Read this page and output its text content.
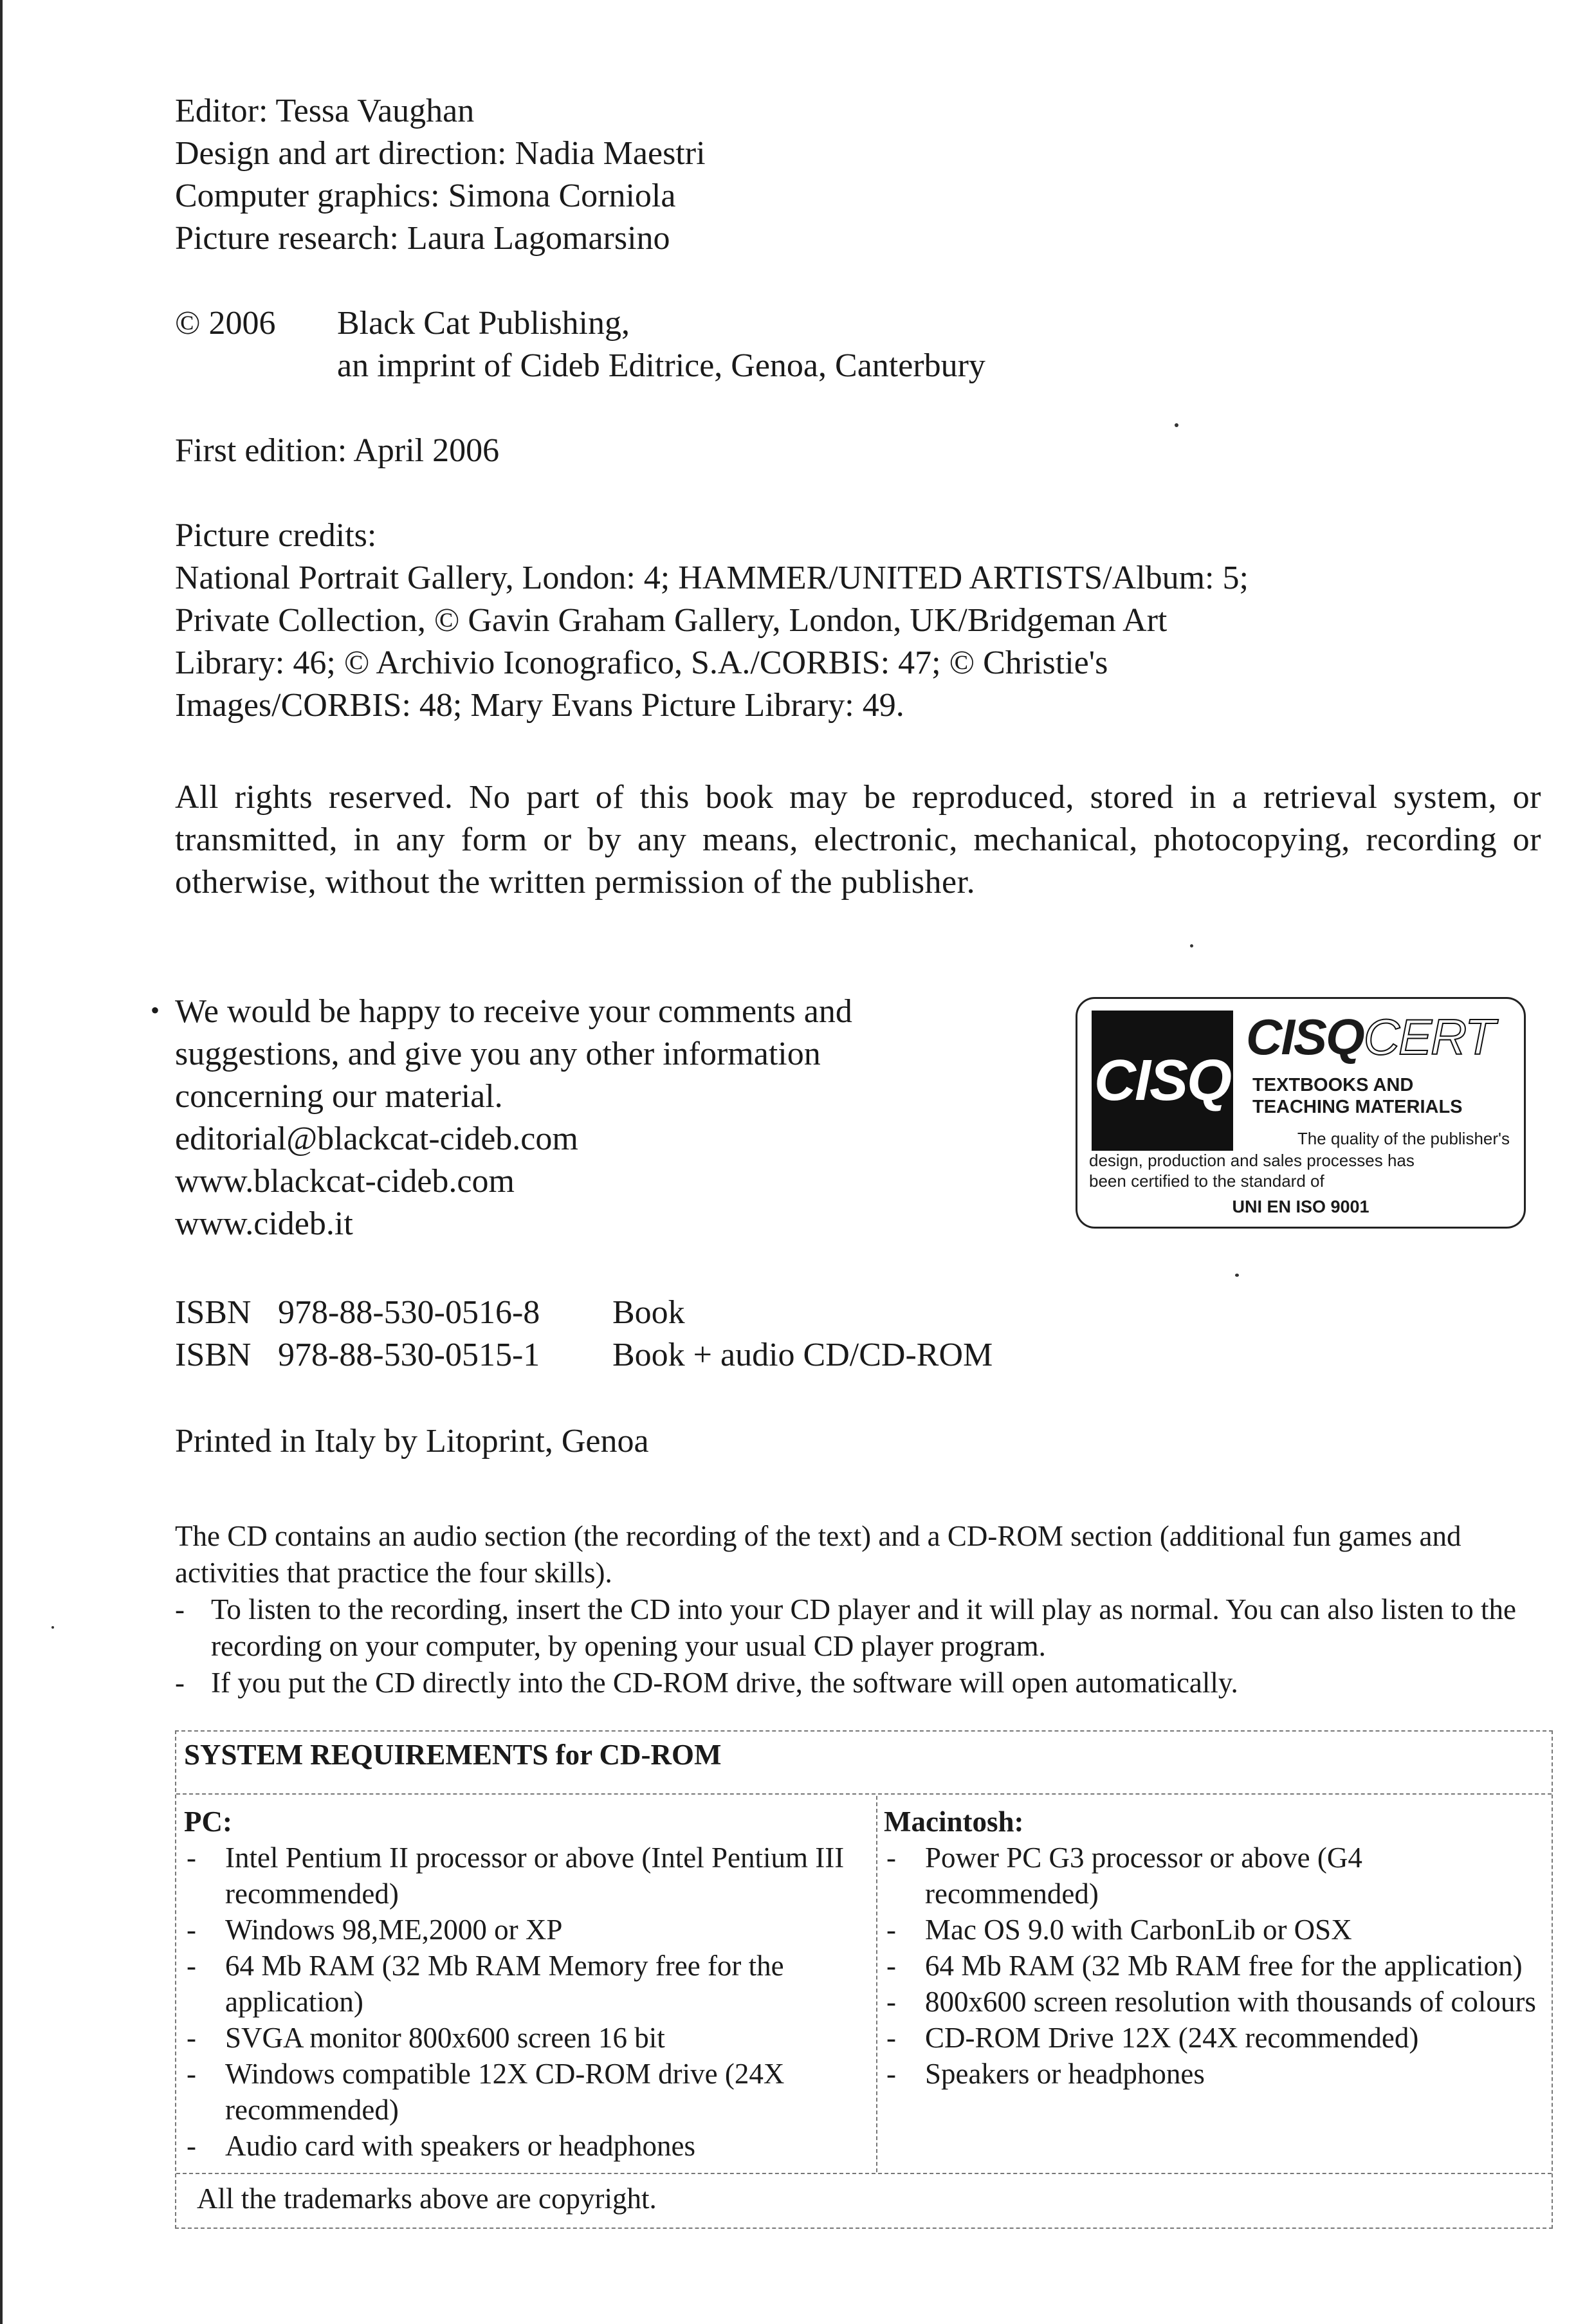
Editor: Tessa Vaughan

Design and art direction: Nadia Maestri

Computer graphics: Simona Corniola

Picture research: Laura Lagomarsino

© 2006	Black Cat Publishing,
an imprint of Cideb Editrice, Genoa, Canterbury

First edition: April 2006

Picture credits:

National Portrait Gallery, London: 4; HAMMER/UNITED ARTISTS/Album: 5;

Private Collection, © Gavin Graham Gallery, London, UK/Bridgeman Art

Library: 46; © Archivio Iconografico, S.A./CORBIS: 47; © Christie's

Images/CORBIS: 48; Mary Evans Picture Library: 49.

All rights reserved. No part of this book may be reproduced, stored in a retrieval system, or transmitted, in any form or by any means, electronic, mechanical, photocopying, recording or otherwise, without the written permission of the publisher.

• We would be happy to receive your comments and

suggestions, and give you any other information

concerning our material.

editorial@blackcat-cideb.com

www.blackcat-cideb.com

www.cideb.it

CISQ
CISQCERT
TEXTBOOKS AND
TEACHING MATERIALS
The quality of the publisher's
design, production and sales processes has
been certified to the standard of
UNI EN ISO 9001
ISBN 978-88-530-0516-8	Book
ISBN 978-88-530-0515-1	Book + audio CD/CD-ROM

Printed in Italy by Litoprint, Genoa

The CD contains an audio section (the recording of the text) and a CD-ROM section (additional fun games and activities that practice the four skills).

- To listen to the recording, insert the CD into your CD player and it will play as normal. You can also listen to the recording on your computer, by opening your usual CD player program.

- If you put the CD directly into the CD-ROM drive, the software will open automatically.

SYSTEM REQUIREMENTS for CD-ROM
PC:
- Intel Pentium II processor or above (Intel Pentium III recommended)
- Windows 98,ME,2000 or XP
- 64 Mb RAM (32 Mb RAM Memory free for the application)
- SVGA monitor 800x600 screen 16 bit
- Windows compatible 12X CD-ROM drive (24X recommended)
- Audio card with speakers or headphones
Macintosh:
- Power PC G3 processor or above (G4 recommended)
- Mac OS 9.0 with CarbonLib or OSX
- 64 Mb RAM (32 Mb RAM free for the application)
- 800x600 screen resolution with thousands of colours
- CD-ROM Drive 12X (24X recommended)
- Speakers or headphones
All the trademarks above are copyright.
